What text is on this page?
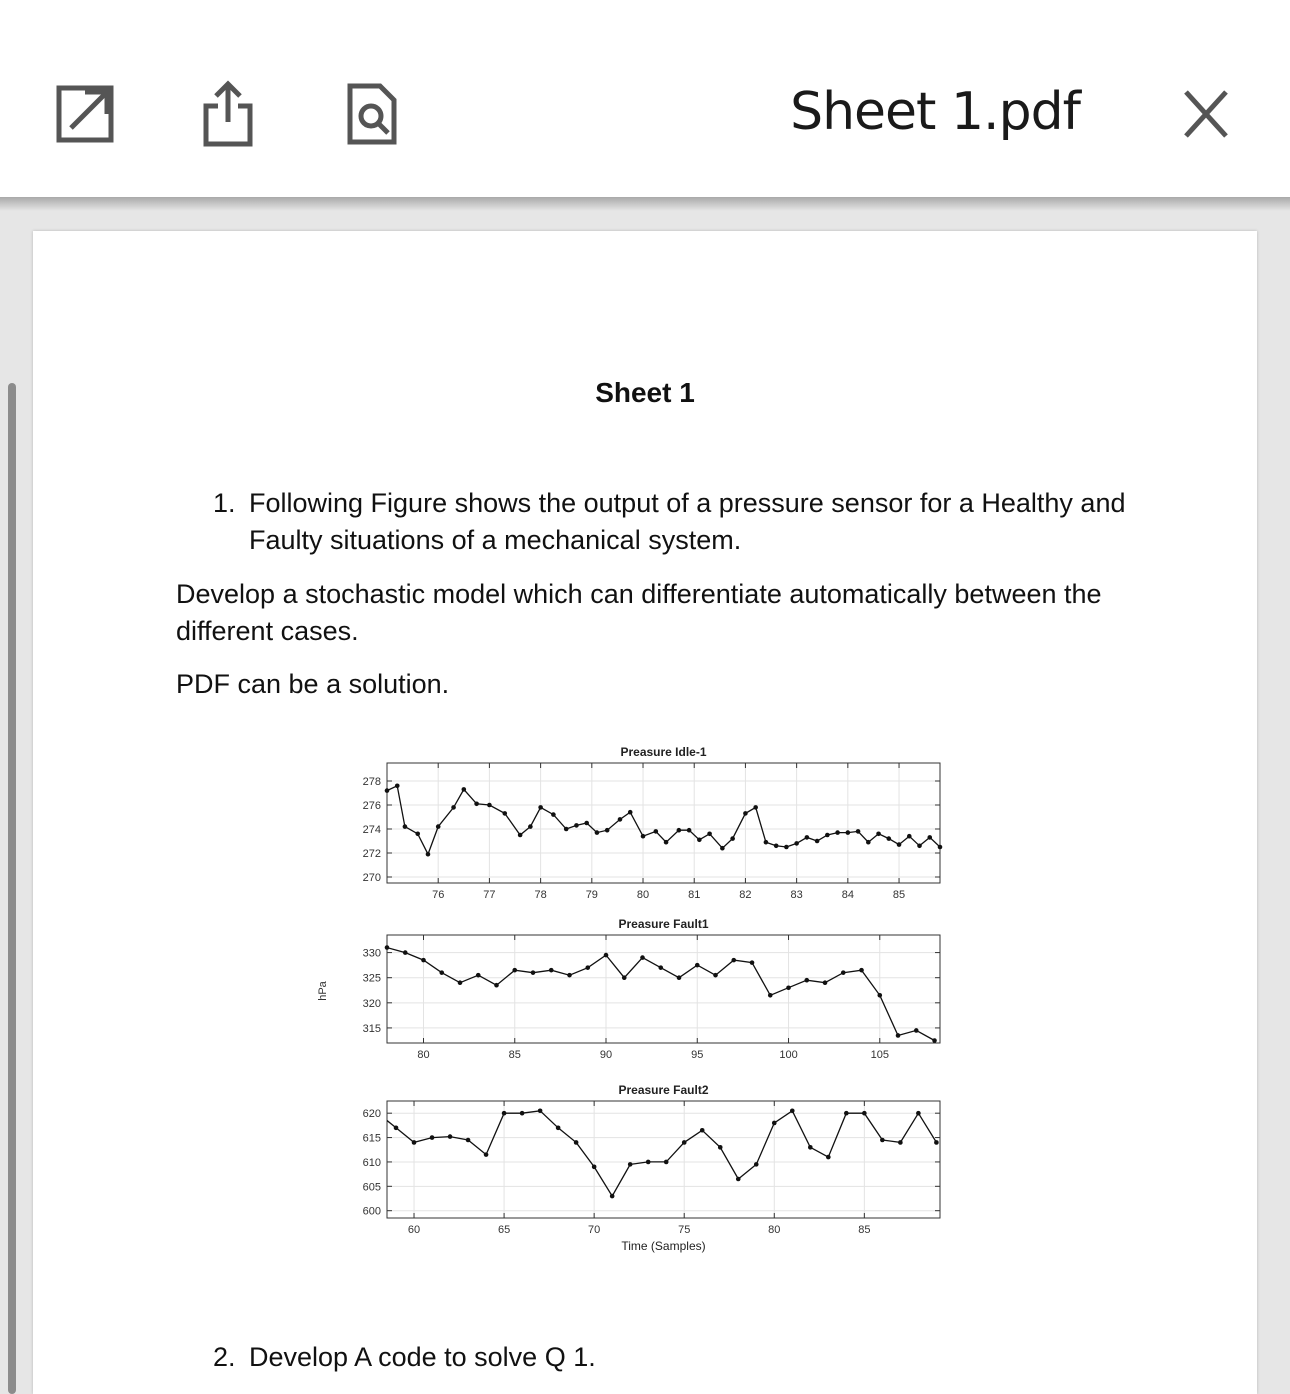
Sheet 1.pdf
Sheet 1
1. Following Figure shows the output of a pressure sensor for a Healthy and Faulty situations of a mechanical system.
Develop a stochastic model which can differentiate automatically between the different cases.
PDF can be a solution.
76	77	78	79	80	81	82	83	84	85
278
276
274
272
270
Preasure Idle-1
80	85	90	95	100	105
330
325
320
315
Preasure Fault1
60	65	70	75	80	85
620
615
610
605
600
Preasure Fault2
Time (Samples)
hPa
2. Develop A code to solve Q 1.
